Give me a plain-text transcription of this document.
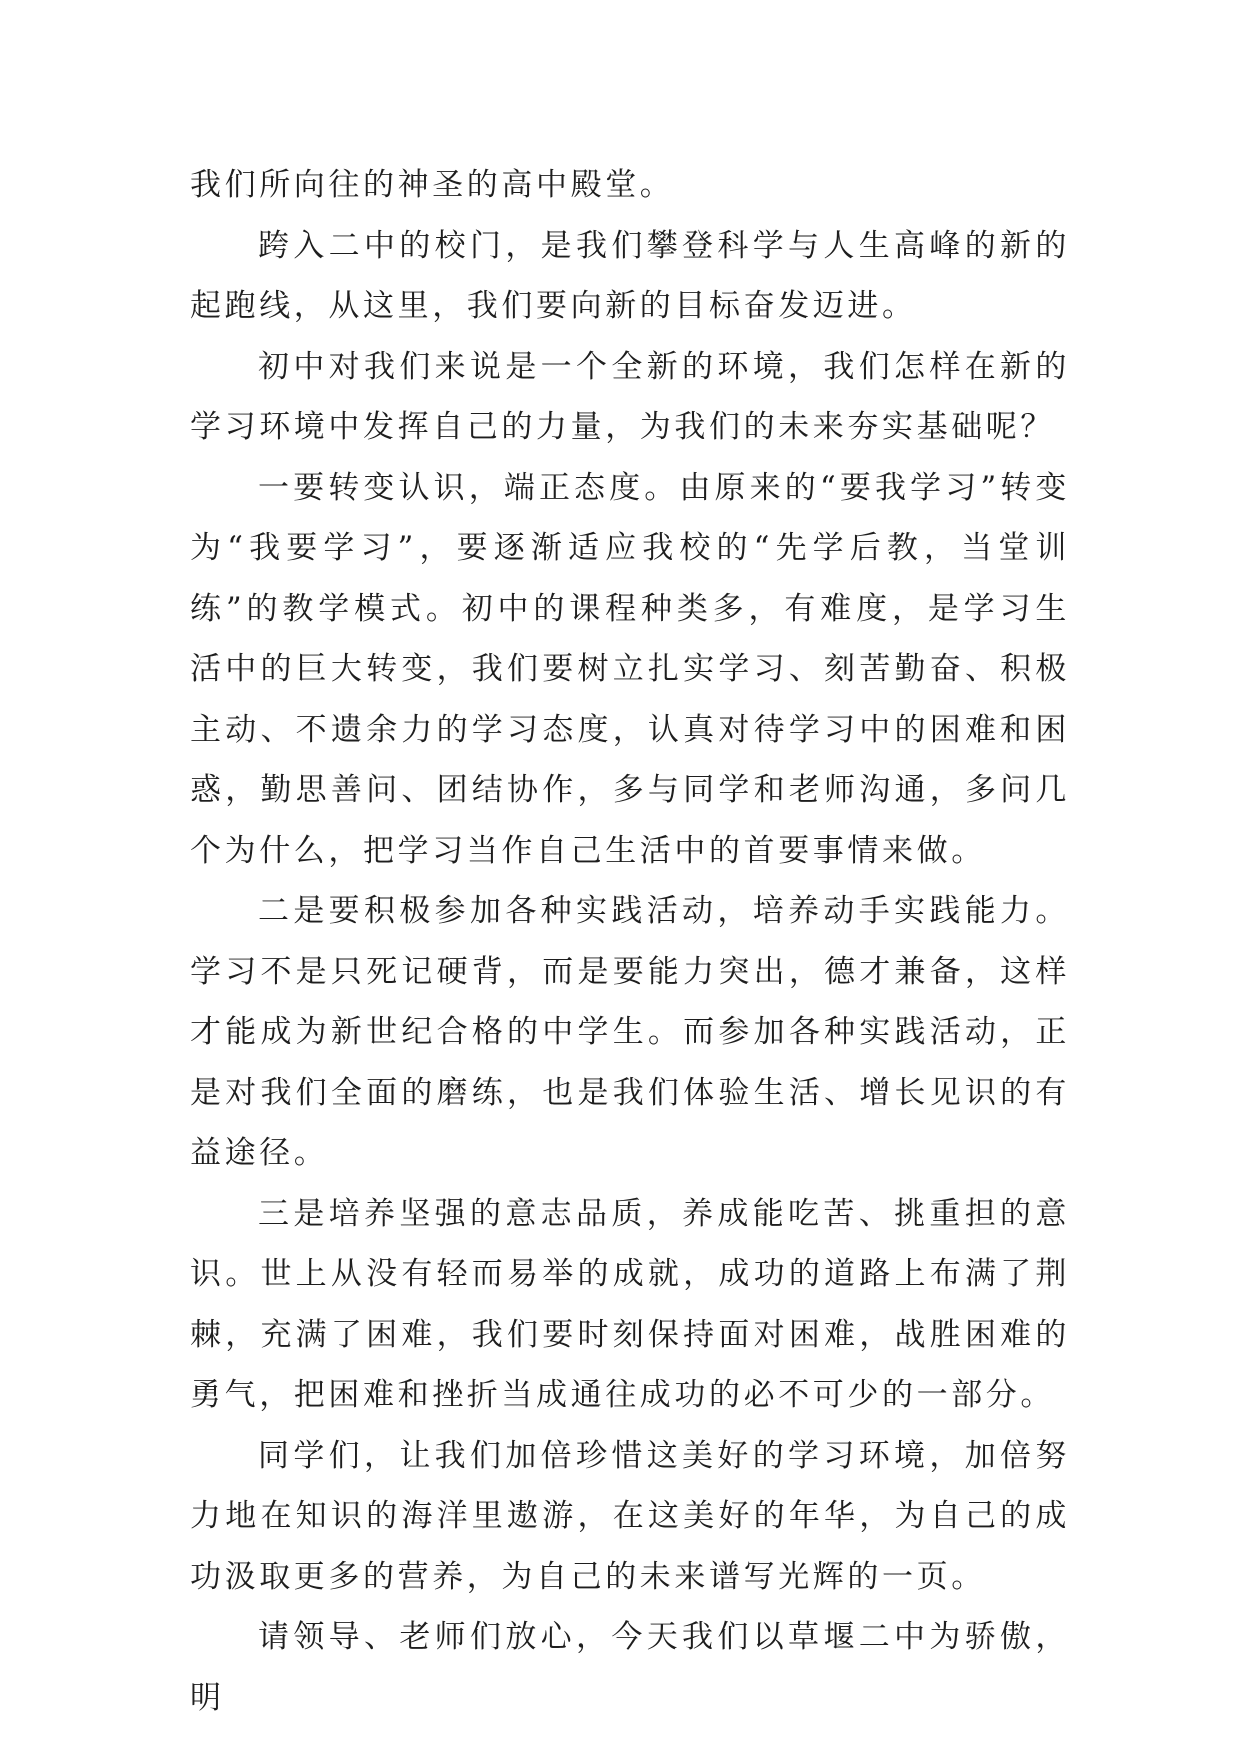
我们所向往的神圣的高中殿堂。

跨入二中的校门，是我们攀登科学与人生高峰的新的起跑线，从这里，我们要向新的目标奋发迈进。

初中对我们来说是一个全新的环境，我们怎样在新的学习环境中发挥自己的力量，为我们的未来夯实基础呢？

一要转变认识，端正态度。由原来的“要我学习”转变为“我要学习”，要逐渐适应我校的“先学后教，当堂训练”的教学模式。初中的课程种类多，有难度，是学习生活中的巨大转变，我们要树立扎实学习、刻苦勤奋、积极主动、不遗余力的学习态度，认真对待学习中的困难和困惑，勤思善问、团结协作，多与同学和老师沟通，多问几个为什么，把学习当作自己生活中的首要事情来做。

二是要积极参加各种实践活动，培养动手实践能力。学习不是只死记硬背，而是要能力突出，德才兼备，这样才能成为新世纪合格的中学生。而参加各种实践活动，正是对我们全面的磨练，也是我们体验生活、增长见识的有益途径。

三是培养坚强的意志品质，养成能吃苦、挑重担的意识。世上从没有轻而易举的成就，成功的道路上布满了荆棘，充满了困难，我们要时刻保持面对困难，战胜困难的勇气，把困难和挫折当成通往成功的必不可少的一部分。

同学们，让我们加倍珍惜这美好的学习环境，加倍努力地在知识的海洋里遨游，在这美好的年华，为自己的成功汲取更多的营养，为自己的未来谱写光辉的一页。

请领导、老师们放心，今天我们以草堰二中为骄傲，明
